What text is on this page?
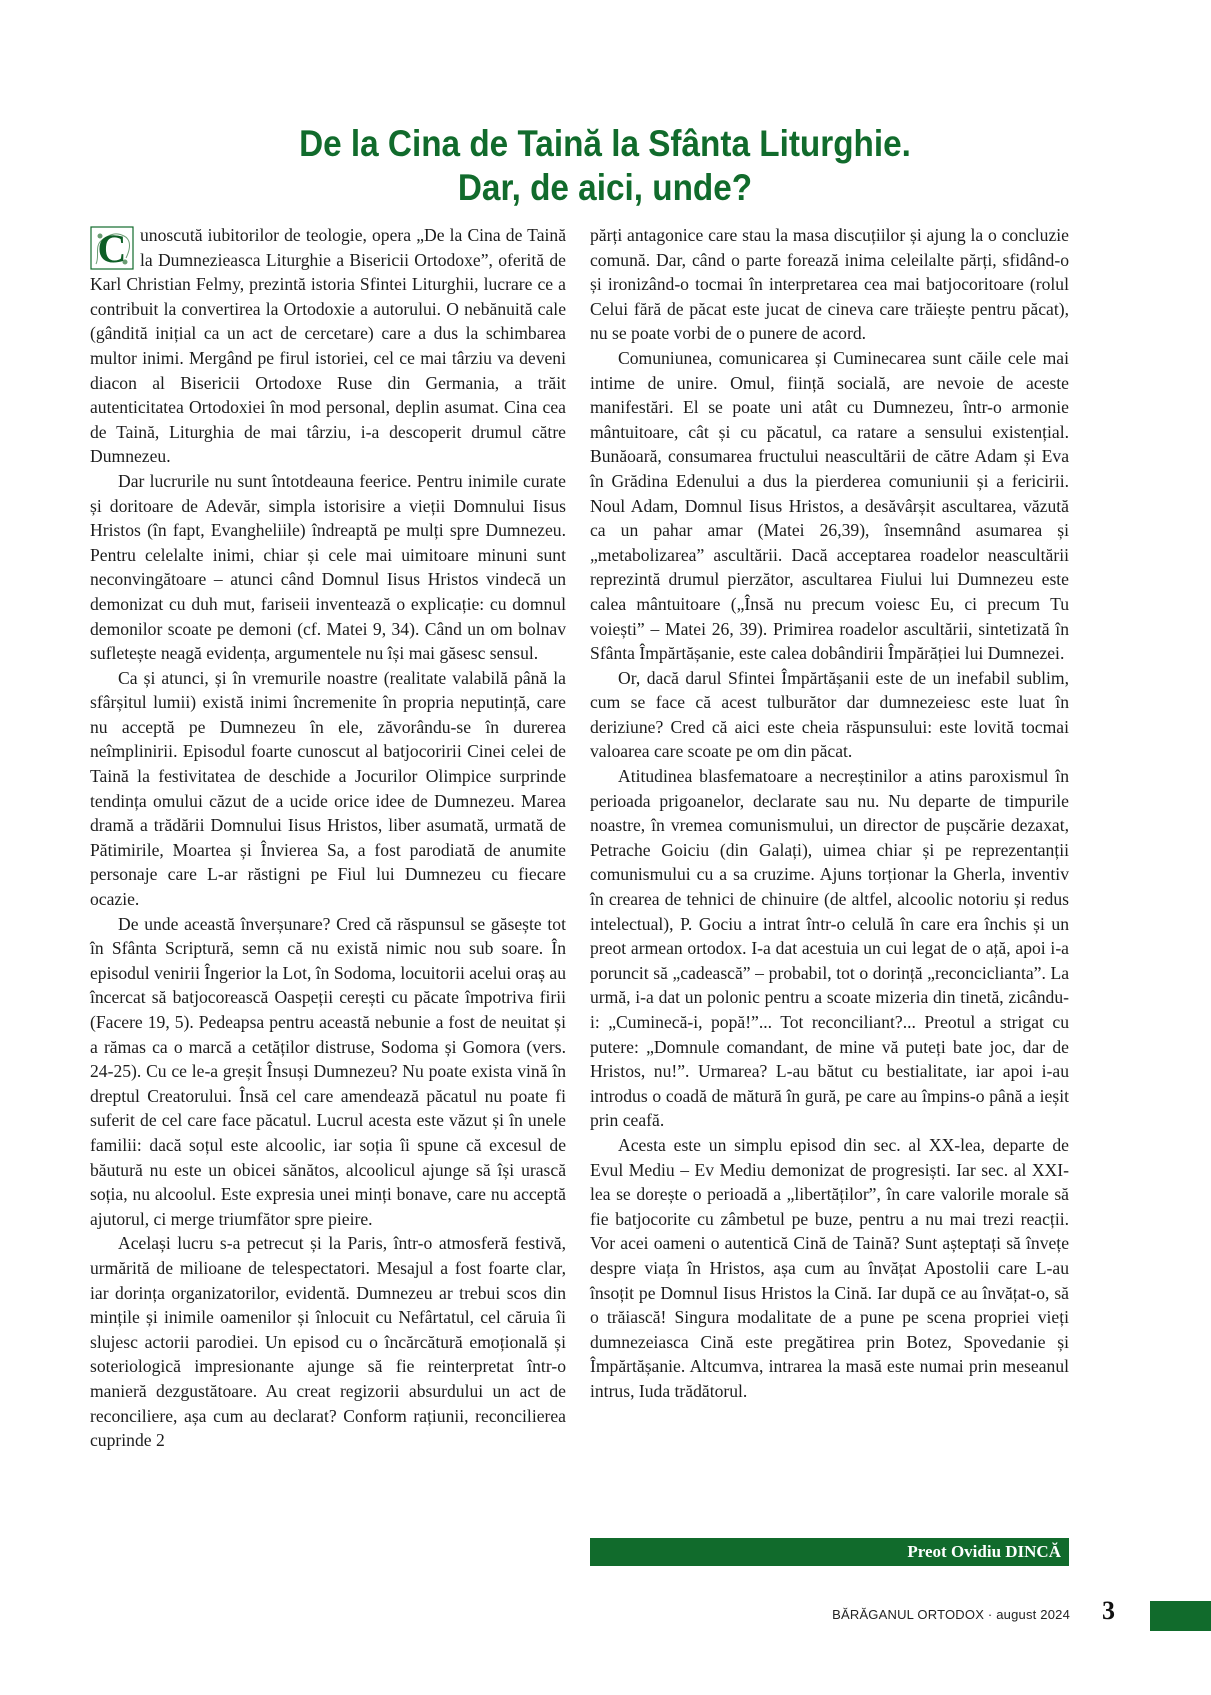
De la Cina de Taină la Sfânta Liturghie.
Dar, de aici, unde?

C unoscută iubitorilor de teologie, opera „De la Cina de Taină la Dumnezieasca Liturghie a Bisericii Ortodoxe”, oferită de Karl Christian Felmy, prezintă istoria Sfintei Liturghii, lucrare ce a contribuit la convertirea la Ortodoxie a autorului. O nebănuită cale (gândită inițial ca un act de cercetare) care a dus la schimbarea multor inimi. Mergând pe firul istoriei, cel ce mai târziu va deveni diacon al Bisericii Ortodoxe Ruse din Germania, a trăit autenticitatea Ortodoxiei în mod personal, deplin asumat. Cina cea de Taină, Liturghia de mai târziu, i-a descoperit drumul către Dumnezeu.

Dar lucrurile nu sunt întotdeauna feerice. Pentru inimile curate și doritoare de Adevăr, simpla istorisire a vieții Domnului Iisus Hristos (în fapt, Evangheliile) îndreaptă pe mulți spre Dumnezeu. Pentru celelalte inimi, chiar și cele mai uimitoare minuni sunt neconvingătoare – atunci când Domnul Iisus Hristos vindecă un demonizat cu duh mut, fariseii inventează o explicație: cu domnul demonilor scoate pe demoni (cf. Matei 9, 34). Când un om bolnav sufletește neagă evidența, argumentele nu își mai găsesc sensul.

Ca și atunci, și în vremurile noastre (realitate valabilă până la sfârșitul lumii) există inimi încremenite în propria neputință, care nu acceptă pe Dumnezeu în ele, zăvorându-se în durerea neîmplinirii. Episodul foarte cunoscut al batjocoririi Cinei celei de Taină la festivitatea de deschide a Jocurilor Olimpice surprinde tendința omului căzut de a ucide orice idee de Dumnezeu. Marea dramă a trădării Domnului Iisus Hristos, liber asumată, urmată de Pătimirile, Moartea și Învierea Sa, a fost parodiată de anumite personaje care L-ar răstigni pe Fiul lui Dumnezeu cu fiecare ocazie.

De unde această înverșunare? Cred că răspunsul se găsește tot în Sfânta Scriptură, semn că nu există nimic nou sub soare. În episodul venirii Îngerior la Lot, în Sodoma, locuitorii acelui oraș au încercat să batjocorească Oaspeții cerești cu păcate împotriva firii (Facere 19, 5). Pedeapsa pentru această nebunie a fost de neuitat și a rămas ca o marcă a cetăților distruse, Sodoma și Gomora (vers. 24-25). Cu ce le-a greșit Însuși Dumnezeu? Nu poate exista vină în dreptul Creatorului. Însă cel care amendează păcatul nu poate fi suferit de cel care face păcatul. Lucrul acesta este văzut și în unele familii: dacă soțul este alcoolic, iar soția îi spune că excesul de băutură nu este un obicei sănătos, alcoolicul ajunge să își urască soția, nu alcoolul. Este expresia unei minți bonave, care nu acceptă ajutorul, ci merge triumfător spre pieire.

Același lucru s-a petrecut și la Paris, într-o atmosferă festivă, urmărită de milioane de telespectatori. Mesajul a fost foarte clar, iar dorința organizatorilor, evidentă. Dumnezeu ar trebui scos din mințile și inimile oamenilor și înlocuit cu Nefârtatul, cel căruia îi slujesc actorii parodiei. Un episod cu o încărcătură emoțională și soteriologică impresionante ajunge să fie reinterpretat într-o manieră dezgustătoare. Au creat regizorii absurdului un act de reconciliere, așa cum au declarat? Conform rațiunii, reconcilierea cuprinde 2

părți antagonice care stau la masa discuțiilor și ajung la o concluzie comună. Dar, când o parte forează inima celeilalte părți, sfidând-o și ironizând-o tocmai în interpretarea cea mai batjocoritoare (rolul Celui fără de păcat este jucat de cineva care trăiește pentru păcat), nu se poate vorbi de o punere de acord.

Comuniunea, comunicarea și Cuminecarea sunt căile cele mai intime de unire. Omul, ființă socială, are nevoie de aceste manifestări. El se poate uni atât cu Dumnezeu, într-o armonie mântuitoare, cât și cu păcatul, ca ratare a sensului existențial. Bunăoară, consumarea fructului neascultării de către Adam și Eva în Grădina Edenului a dus la pierderea comuniunii și a fericirii. Noul Adam, Domnul Iisus Hristos, a desăvârșit ascultarea, văzută ca un pahar amar (Matei 26,39), însemnând asumarea și „metabolizarea” ascultării. Dacă acceptarea roadelor neascultării reprezintă drumul pierzător, ascultarea Fiului lui Dumnezeu este calea mântuitoare („Însă nu precum voiesc Eu, ci precum Tu voiești” – Matei 26, 39). Primirea roadelor ascultării, sintetizată în Sfânta Împărtășanie, este calea dobândirii Împărăției lui Dumnezei.

Or, dacă darul Sfintei Împărtășanii este de un inefabil sublim, cum se face că acest tulburător dar dumnezeiesc este luat în deriziune? Cred că aici este cheia răspunsului: este lovită tocmai valoarea care scoate pe om din păcat.

Atitudinea blasfematoare a necreștinilor a atins paroxismul în perioada prigoanelor, declarate sau nu. Nu departe de timpurile noastre, în vremea comunismului, un director de pușcărie dezaxat, Petrache Goiciu (din Galați), uimea chiar și pe reprezentanții comunismului cu a sa cruzime. Ajuns torționar la Gherla, inventiv în crearea de tehnici de chinuire (de altfel, alcoolic notoriu și redus intelectual), P. Gociu a intrat într-o celulă în care era închis și un preot armean ortodox. I-a dat acestuia un cui legat de o ață, apoi i-a poruncit să „cadească” – probabil, tot o dorință „reconciclianta”. La urmă, i-a dat un polonic pentru a scoate mizeria din tinetă, zicându-i: „Cuminecă-i, popă!”... Tot reconciliant?... Preotul a strigat cu putere: „Domnule comandant, de mine vă puteți bate joc, dar de Hristos, nu!”. Urmarea? L-au bătut cu bestialitate, iar apoi i-au introdus o coadă de mătură în gură, pe care au împins-o până a ieșit prin ceafă.

Acesta este un simplu episod din sec. al XX-lea, departe de Evul Mediu – Ev Mediu demonizat de progresiști. Iar sec. al XXI-lea se dorește o perioadă a „libertăților”, în care valorile morale să fie batjocorite cu zâmbetul pe buze, pentru a nu mai trezi reacții. Vor acei oameni o autentică Cină de Taină? Sunt așteptați să învețe despre viața în Hristos, așa cum au învățat Apostolii care L-au însoțit pe Domnul Iisus Hristos la Cină. Iar după ce au învățat-o, să o trăiască! Singura modalitate de a pune pe scena propriei vieți dumnezeiasca Cină este pregătirea prin Botez, Spovedanie și Împărtășanie. Altcumva, intrarea la masă este numai prin meseanul intrus, Iuda trădătorul.

Preot Ovidiu DINCĂ
BĂRĂGANUL ORTODOX · august 2024 3
